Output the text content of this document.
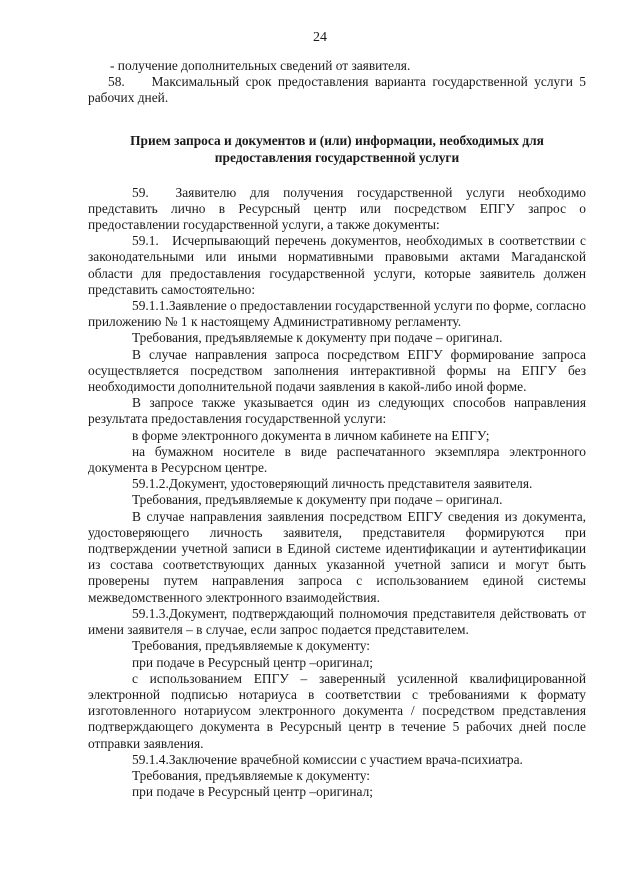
24

- получение дополнительных сведений от заявителя.

58.  Максимальный срок предоставления варианта государственной услуги 5 рабочих дней.

Прием запроса и документов и (или) информации, необходимых для предоставления государственной услуги

59.  Заявителю для получения государственной услуги необходимо представить лично в Ресурсный центр или посредством ЕПГУ запрос о предоставлении государственной услуги, а также документы:

59.1. Исчерпывающий перечень документов, необходимых в соответствии с законодательными или иными нормативными правовыми актами Магаданской области для предоставления государственной услуги, которые заявитель должен представить самостоятельно:

59.1.1.Заявление о предоставлении государственной услуги по форме, согласно приложению № 1 к настоящему Административному регламенту.

Требования, предъявляемые к документу при подаче – оригинал.

В случае направления запроса посредством ЕПГУ формирование запроса осуществляется посредством заполнения интерактивной формы на ЕПГУ без необходимости дополнительной подачи заявления в какой-либо иной форме.

В запросе также указывается один из следующих способов направления результата предоставления государственной услуги:

в форме электронного документа в личном кабинете на ЕПГУ;

на бумажном носителе в виде распечатанного экземпляра электронного документа в Ресурсном центре.

59.1.2.Документ, удостоверяющий личность представителя заявителя.

Требования, предъявляемые к документу при подаче – оригинал.

В случае направления заявления посредством ЕПГУ сведения из документа, удостоверяющего личность заявителя, представителя формируются при подтверждении учетной записи в Единой системе идентификации и аутентификации из состава соответствующих данных указанной учетной записи и могут быть проверены путем направления запроса с использованием единой системы межведомственного электронного взаимодействия.

59.1.3.Документ, подтверждающий полномочия представителя действовать от имени заявителя – в случае, если запрос подается представителем.

Требования, предъявляемые к документу:

при подаче в Ресурсный центр –оригинал;

с использованием ЕПГУ – заверенный усиленной квалифицированной электронной подписью нотариуса в соответствии с требованиями к формату изготовленного нотариусом электронного документа / посредством представления подтверждающего документа в Ресурсный центр в течение 5 рабочих дней после отправки заявления.

59.1.4.Заключение врачебной комиссии с участием врача-психиатра.

Требования, предъявляемые к документу:

при подаче в Ресурсный центр –оригинал;
